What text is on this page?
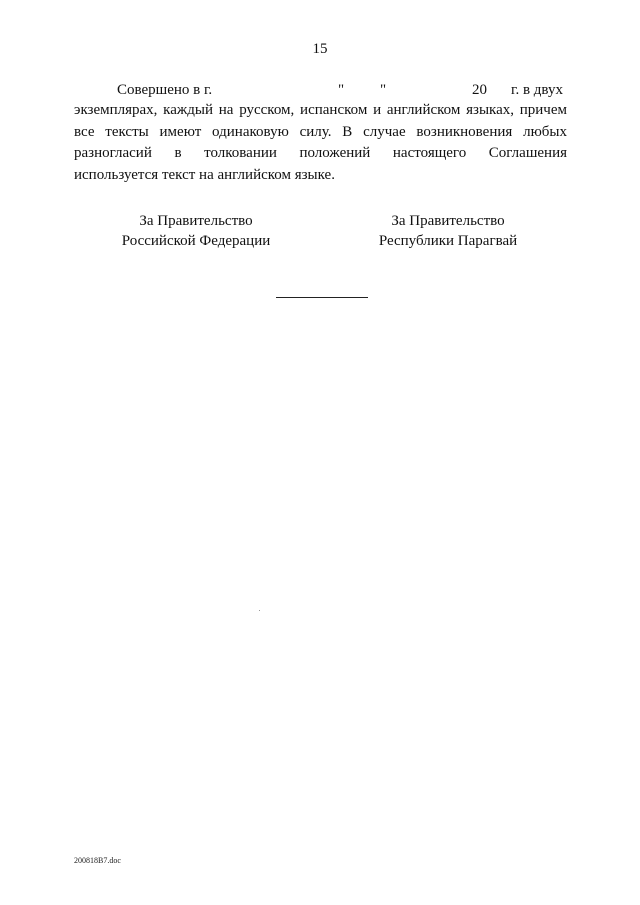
15
Совершено в г.	" "	20 г. в двух
экземплярах, каждый на русском, испанском и английском языках, причем
все тексты имеют одинаковую силу. В случае возникновения любых
разногласий в толковании положений настоящего Соглашения
используется текст на английском языке.
За Правительство
Российской Федерации
За Правительство
Республики Парагвай
200818В7.doc
